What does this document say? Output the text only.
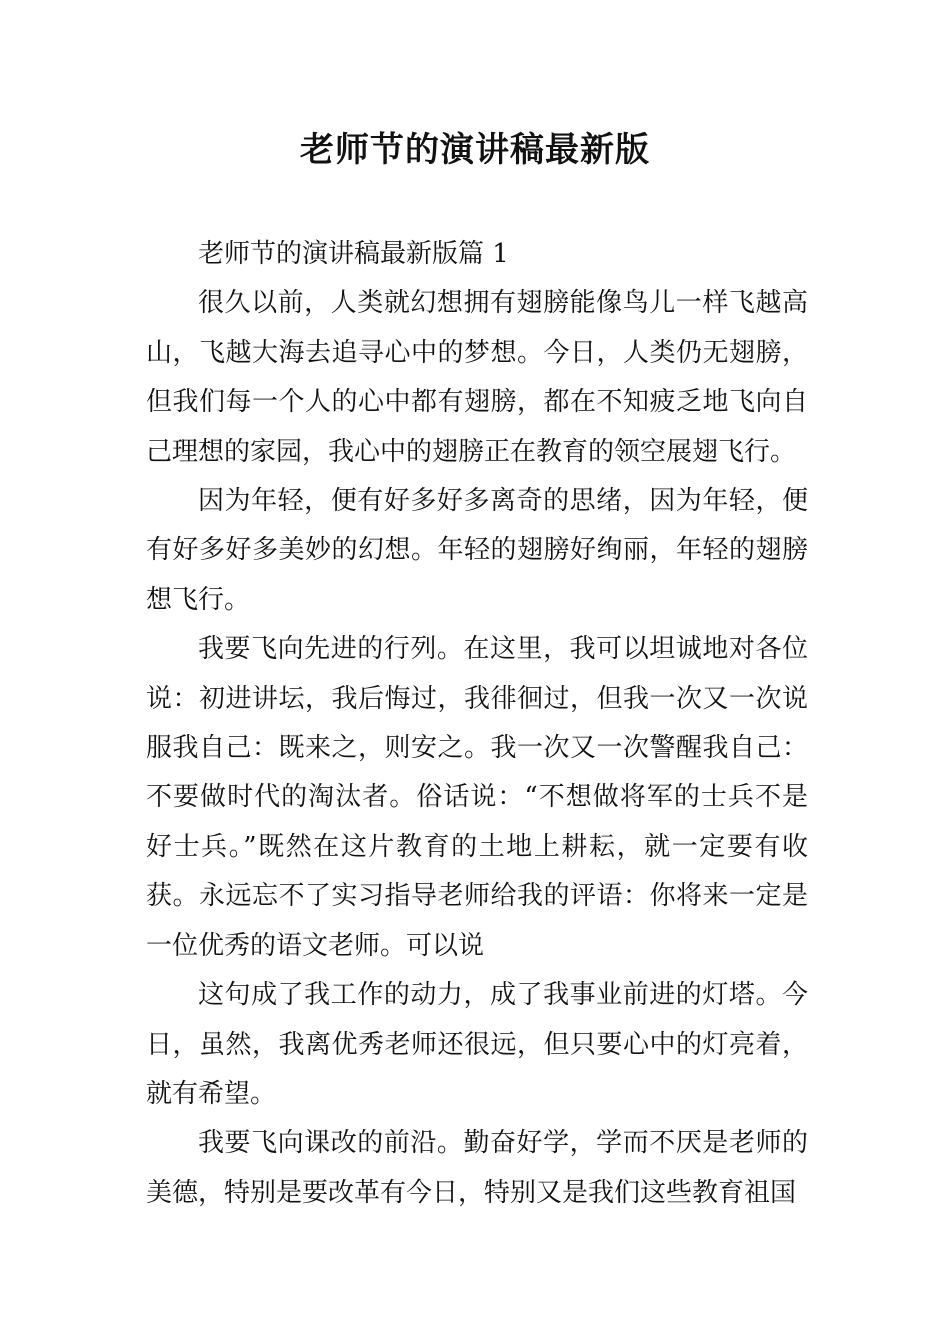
老师节的演讲稿最新版

老师节的演讲稿最新版篇 1

很久以前，人类就幻想拥有翅膀能像鸟儿一样飞越高山，飞越大海去追寻心中的梦想。今日，人类仍无翅膀，但我们每一个人的心中都有翅膀，都在不知疲乏地飞向自己理想的家园，我心中的翅膀正在教育的领空展翅飞行。

因为年轻，便有好多好多离奇的思绪，因为年轻，便有好多好多美妙的幻想。年轻的翅膀好绚丽，年轻的翅膀想飞行。

我要飞向先进的行列。在这里，我可以坦诚地对各位说：初进讲坛，我后悔过，我徘徊过，但我一次又一次说服我自己：既来之，则安之。我一次又一次警醒我自己：不要做时代的淘汰者。俗话说：“不想做将军的士兵不是好士兵。”既然在这片教育的土地上耕耘，就一定要有收获。永远忘不了实习指导老师给我的评语：你将来一定是一位优秀的语文老师。可以说

这句成了我工作的动力，成了我事业前进的灯塔。今日，虽然，我离优秀老师还很远，但只要心中的灯亮着，就有希望。

我要飞向课改的前沿。勤奋好学，学而不厌是老师的美德，特别是要改革有今日，特别又是我们这些教育祖国
